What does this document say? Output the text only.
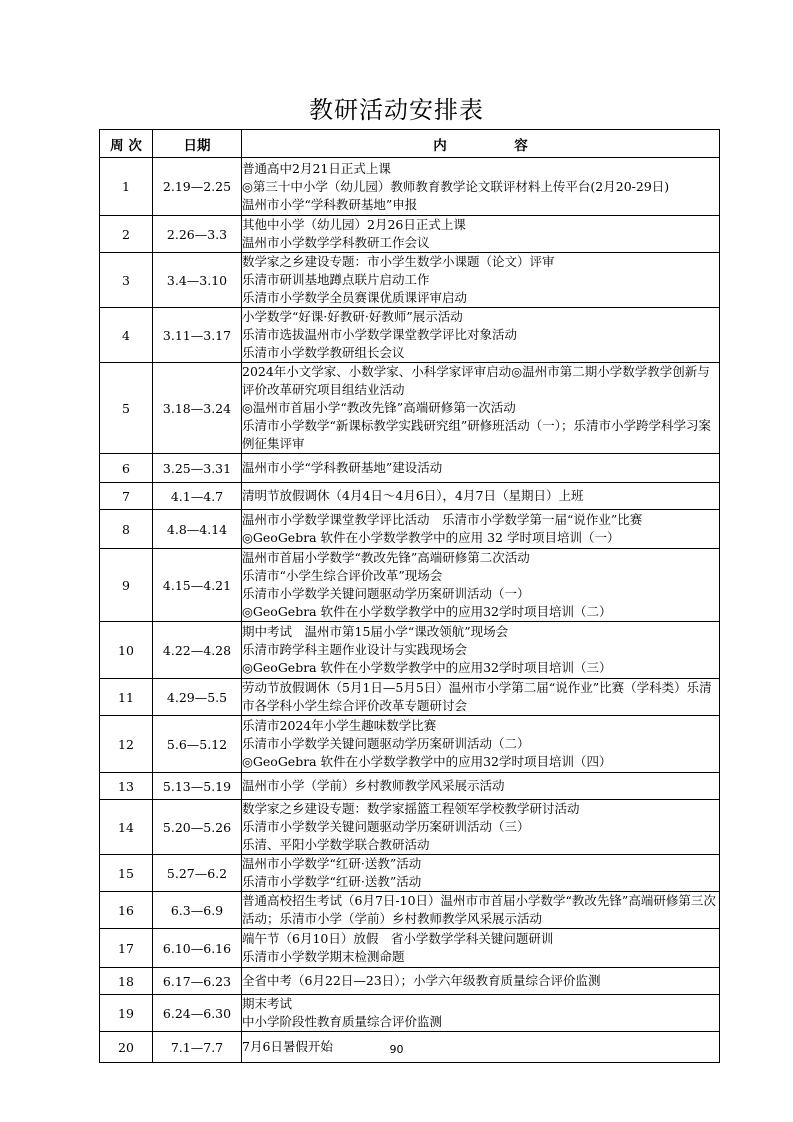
教研活动安排表
周 次	日期	内　　　　　容
1	2.19—2.25	普通高中2月21日正式上课
◎第三十中小学（幼儿园）教师教育教学论文联评材料上传平台(2月20-29日)
温州市小学“学科教研基地”申报

2	2.26—3.3	其他中小学（幼儿园）2月26日正式上课
温州市小学数学学科教研工作会议

3	3.4—3.10	数学家之乡建设专题：市小学生数学小课题（论文）评审
乐清市研训基地蹲点联片启动工作
乐清市小学数学全员赛课优质课评审启动

4	3.11—3.17	小学数学“好课·好教研·好教师”展示活动
乐清市选拔温州市小学数学课堂教学评比对象活动
乐清市小学数学教研组长会议

5	3.18—3.24	2024年小文学家、小数学家、小科学家评审启动◎温州市第二期小学数学教学创新与评价改革研究项目组结业活动
◎温州市首届小学“教改先锋”高端研修第一次活动
乐清市小学数学“新课标教学实践研究组”研修班活动（一）；乐清市小学跨学科学习案例征集评审

6	3.25—3.31	温州市小学“学科教研基地”建设活动

7	4.1—4.7	清明节放假调休（4月4日～4月6日），4月7日（星期日）上班

8	4.8—4.14	温州市小学数学课堂教学评比活动　乐清市小学数学第一届“说作业”比赛
◎GeoGebra 软件在小学数学教学中的应用 32 学时项目培训（一）

9	4.15—4.21	温州市首届小学数学“教改先锋”高端研修第二次活动
乐清市“小学生综合评价改革”现场会
乐清市小学数学关键问题驱动学历案研训活动（一）
◎GeoGebra 软件在小学数学教学中的应用32学时项目培训（二）

10	4.22—4.28	期中考试　温州市第15届小学“课改领航”现场会
乐清市跨学科主题作业设计与实践现场会
◎GeoGebra 软件在小学数学教学中的应用32学时项目培训（三）

11	4.29—5.5	劳动节放假调休（5月1日—5月5日）温州市小学第二届“说作业”比赛（学科类）乐清市各学科小学生综合评价改革专题研讨会

12	5.6—5.12	乐清市2024年小学生趣味数学比赛
乐清市小学数学关键问题驱动学历案研训活动（二）
◎GeoGebra 软件在小学数学教学中的应用32学时项目培训（四）

13	5.13—5.19	温州市小学（学前）乡村教师教学风采展示活动

14	5.20—5.26	数学家之乡建设专题：数学家摇篮工程领军学校教学研讨活动
乐清市小学数学关键问题驱动学历案研训活动（三）
乐清、平阳小学数学联合教研活动

15	5.27—6.2	温州市小学数学“红研·送教”活动
乐清市小学数学“红研·送教”活动

16	6.3—6.9	普通高校招生考试（6月7日-10日）温州市市首届小学数学“教改先锋”高端研修第三次活动；乐清市小学（学前）乡村教师教学风采展示活动

17	6.10—6.16	端午节（6月10日）放假　省小学数学学科关键问题研训
乐清市小学数学期末检测命题

18	6.17—6.23	全省中考（6月22日—23日）；小学六年级教育质量综合评价监测

19	6.24—6.30	期末考试
中小学阶段性教育质量综合评价监测

20	7.1—7.7	7月6日暑假开始	90
